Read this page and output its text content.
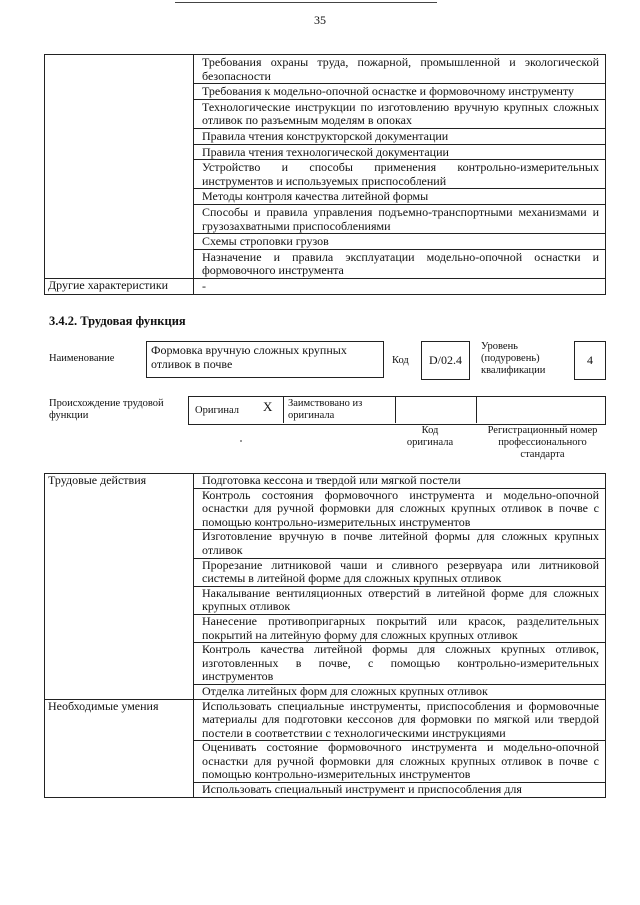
35
	Требования охраны труда, пожарной, промышленной и экологической безопасности
	Требования к модельно-опочной оснастке и формовочному инструменту
	Технологические инструкции по изготовлению вручную крупных сложных отливок по разъемным моделям в опоках
	Правила чтения конструкторской документации
	Правила чтения технологической документации
	Устройство и способы применения контрольно-измерительных инструментов и используемых приспособлений
	Методы контроля качества литейной формы
	Способы и правила управления подъемно-транспортными механизмами и грузозахватными приспособлениями
	Схемы строповки грузов
	Назначение и правила эксплуатации модельно-опочной оснастки и формовочного инструмента
Другие характеристики	-
3.4.2. Трудовая функция
Наименование
Формовка вручную сложных крупных отливок в почве	Код	D/02.4
Уровень (подуровень) квалификации
4
Происхождение трудовой функции	Оригинал X Заимствовано из оригинала
Код оригинала
Регистрационный номер профессионального стандарта
Трудовые действия	Подготовка кессона и твердой или мягкой постели
	Контроль состояния формовочного инструмента и модельно-опочной оснастки для ручной формовки для сложных крупных отливок в почве с помощью контрольно-измерительных инструментов
	Изготовление вручную в почве литейной формы для сложных крупных отливок
	Прорезание литниковой чаши и сливного резервуара или литниковой системы в литейной форме для сложных крупных отливок
	Накалывание вентиляционных отверстий в литейной форме для сложных крупных отливок
	Нанесение противопригарных покрытий или красок, разделительных покрытий на литейную форму для сложных крупных отливок
	Контроль качества литейной формы для сложных крупных отливок, изготовленных в почве, с помощью контрольно-измерительных инструментов
	Отделка литейных форм для сложных крупных отливок
Необходимые умения	Использовать специальные инструменты, приспособления и формовочные материалы для подготовки кессонов для формовки по мягкой или твердой постели в соответствии с технологическими инструкциями
	Оценивать состояние формовочного инструмента и модельно-опочной оснастки для ручной формовки для сложных крупных отливок в почве с помощью контрольно-измерительных инструментов
	Использовать специальный инструмент и приспособления для
